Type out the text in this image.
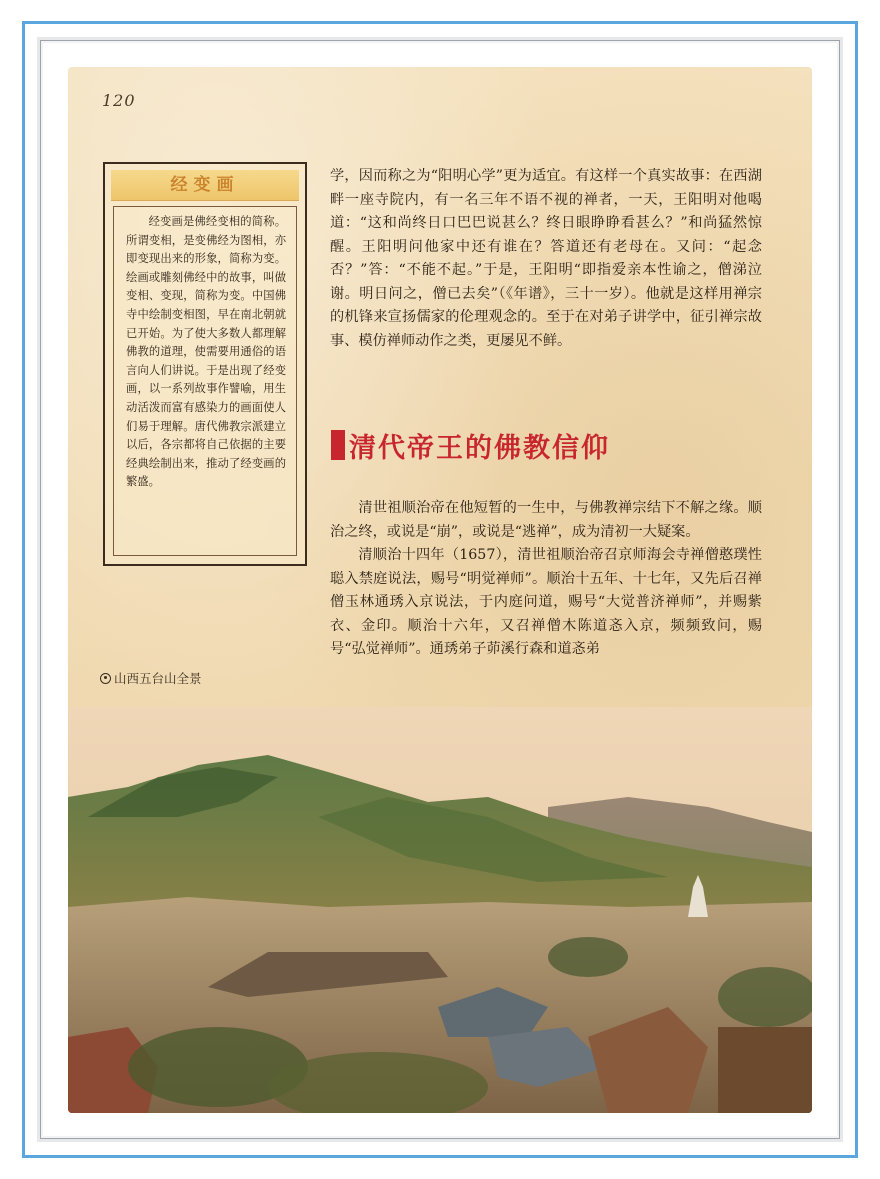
120
经变画
经变画是佛经变相的简称。所谓变相，是变佛经为图相，亦即变现出来的形象，简称为变。绘画或雕刻佛经中的故事，叫做变相、变现，简称为变。中国佛寺中绘制变相图，早在南北朝就已开始。为了使大多数人都理解佛教的道理，使需要用通俗的语言向人们讲说。于是出现了经变画，以一系列故事作譬喻，用生动活泼而富有感染力的画面使人们易于理解。唐代佛教宗派建立以后，各宗都将自己依据的主要经典绘制出来，推动了经变画的繁盛。
山西五台山全景

学，因而称之为“阳明心学”更为适宜。有这样一个真实故事：在西湖畔一座寺院内，有一名三年不语不视的禅者，一天，王阳明对他喝道：“这和尚终日口巴巴说甚么？终日眼睁睁看甚么？”和尚猛然惊醒。王阳明问他家中还有谁在？答道还有老母在。又问：“起念否？”答：“不能不起。”于是，王阳明“即指爱亲本性谕之，僧涕泣谢。明日问之，僧已去矣”（《年谱》，三十一岁）。他就是这样用禅宗的机锋来宣扬儒家的伦理观念的。至于在对弟子讲学中，征引禅宗故事、模仿禅师动作之类，更屡见不鲜。

清代帝王的佛教信仰

清世祖顺治帝在他短暂的一生中，与佛教禅宗结下不解之缘。顺治之终，或说是“崩”，或说是“逃禅”，成为清初一大疑案。

清顺治十四年（1657），清世祖顺治帝召京师海会寺禅僧憨璞性聪入禁庭说法，赐号“明觉禅师”。顺治十五年、十七年，又先后召禅僧玉林通琇入京说法，于内庭问道，赐号“大觉普济禅师”，并赐紫衣、金印。顺治十六年，又召禅僧木陈道忞入京，频频致问，赐号“弘觉禅师”。通琇弟子茆溪行森和道忞弟
